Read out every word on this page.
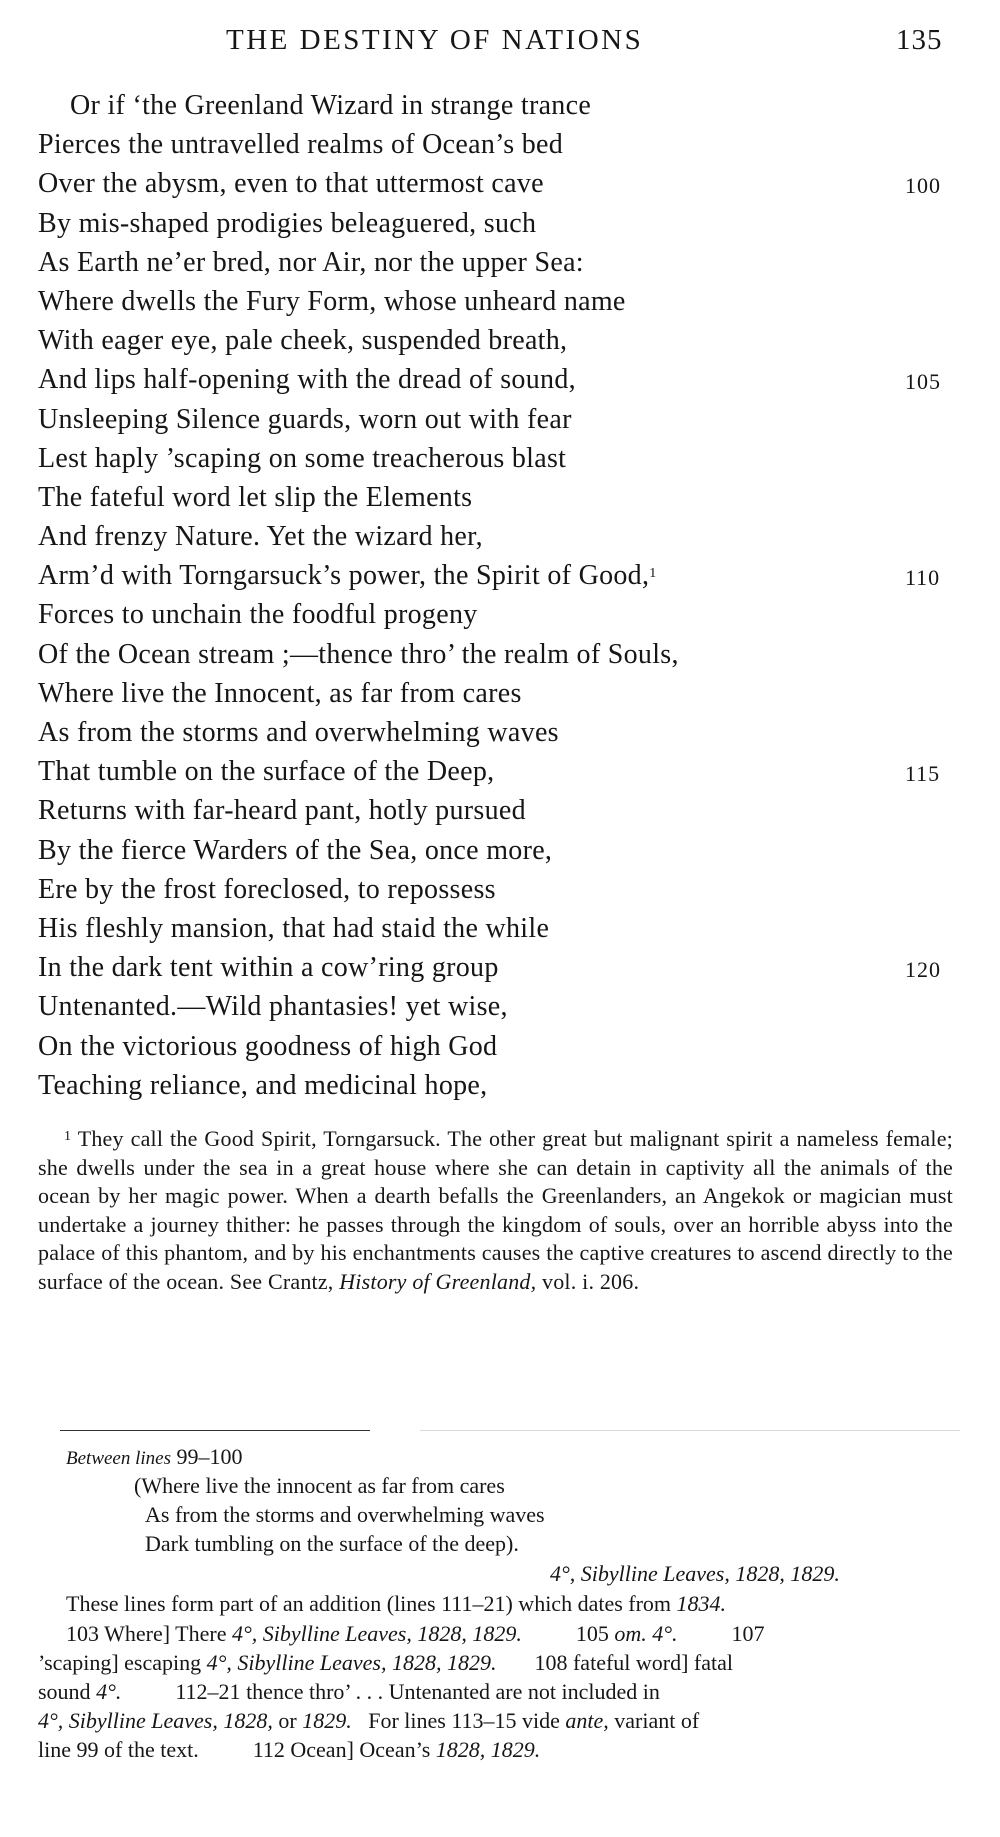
THE DESTINY OF NATIONS	135
Or if ‘the Greenland Wizard in strange trance
Pierces the untravelled realms of Ocean’s bed
Over the abysm, even to that uttermost cave	100
By mis-shaped prodigies beleaguered, such
As Earth ne’er bred, nor Air, nor the upper Sea:
Where dwells the Fury Form, whose unheard name
With eager eye, pale cheek, suspended breath,
And lips half-opening with the dread of sound,	105
Unsleeping Silence guards, worn out with fear
Lest haply ’scaping on some treacherous blast
The fateful word let slip the Elements
And frenzy Nature. Yet the wizard her,
Arm’d with Torngarsuck’s power, the Spirit of Good,$^1$	110
Forces to unchain the foodful progeny
Of the Ocean stream ;—thence thro’ the realm of Souls,
Where live the Innocent, as far from cares
As from the storms and overwhelming waves
That tumble on the surface of the Deep,	115
Returns with far-heard pant, hotly pursued
By the fierce Warders of the Sea, once more,
Ere by the frost foreclosed, to repossess
His fleshly mansion, that had staid the while
In the dark tent within a cow’ring group	120
Untenanted.—Wild phantasies! yet wise,
On the victorious goodness of high God
Teaching reliance, and medicinal hope,
$^1$ They call the Good Spirit, Torngarsuck. The other great but malignant spirit a nameless female; she dwells under the sea in a great house where she can detain in captivity all the animals of the ocean by her magic power. When a dearth befalls the Greenlanders, an Angekok or magician must undertake a journey thither: he passes through the kingdom of souls, over an horrible abyss into the palace of this phantom, and by his enchantments causes the captive creatures to ascend directly to the surface of the ocean. See Crantz, History of Greenland, vol. i. 206.
Between lines 99–100
(Where live the innocent as far from cares
As from the storms and overwhelming waves
Dark tumbling on the surface of the deep).
4°, Sibylline Leaves, 1828, 1829.
These lines form part of an addition (lines 111–21) which dates from 1834.
103 Where] There 4°, Sibylline Leaves, 1828, 1829. 105 om. 4°. 107
’scaping] escaping 4°, Sibylline Leaves, 1828, 1829. 108 fateful word] fatal
sound 4°. 112–21 thence thro’ . . . Untenanted are not included in
4°, Sibylline Leaves, 1828, or 1829. For lines 113–15 vide ante, variant of
line 99 of the text. 112 Ocean] Ocean’s 1828, 1829.
